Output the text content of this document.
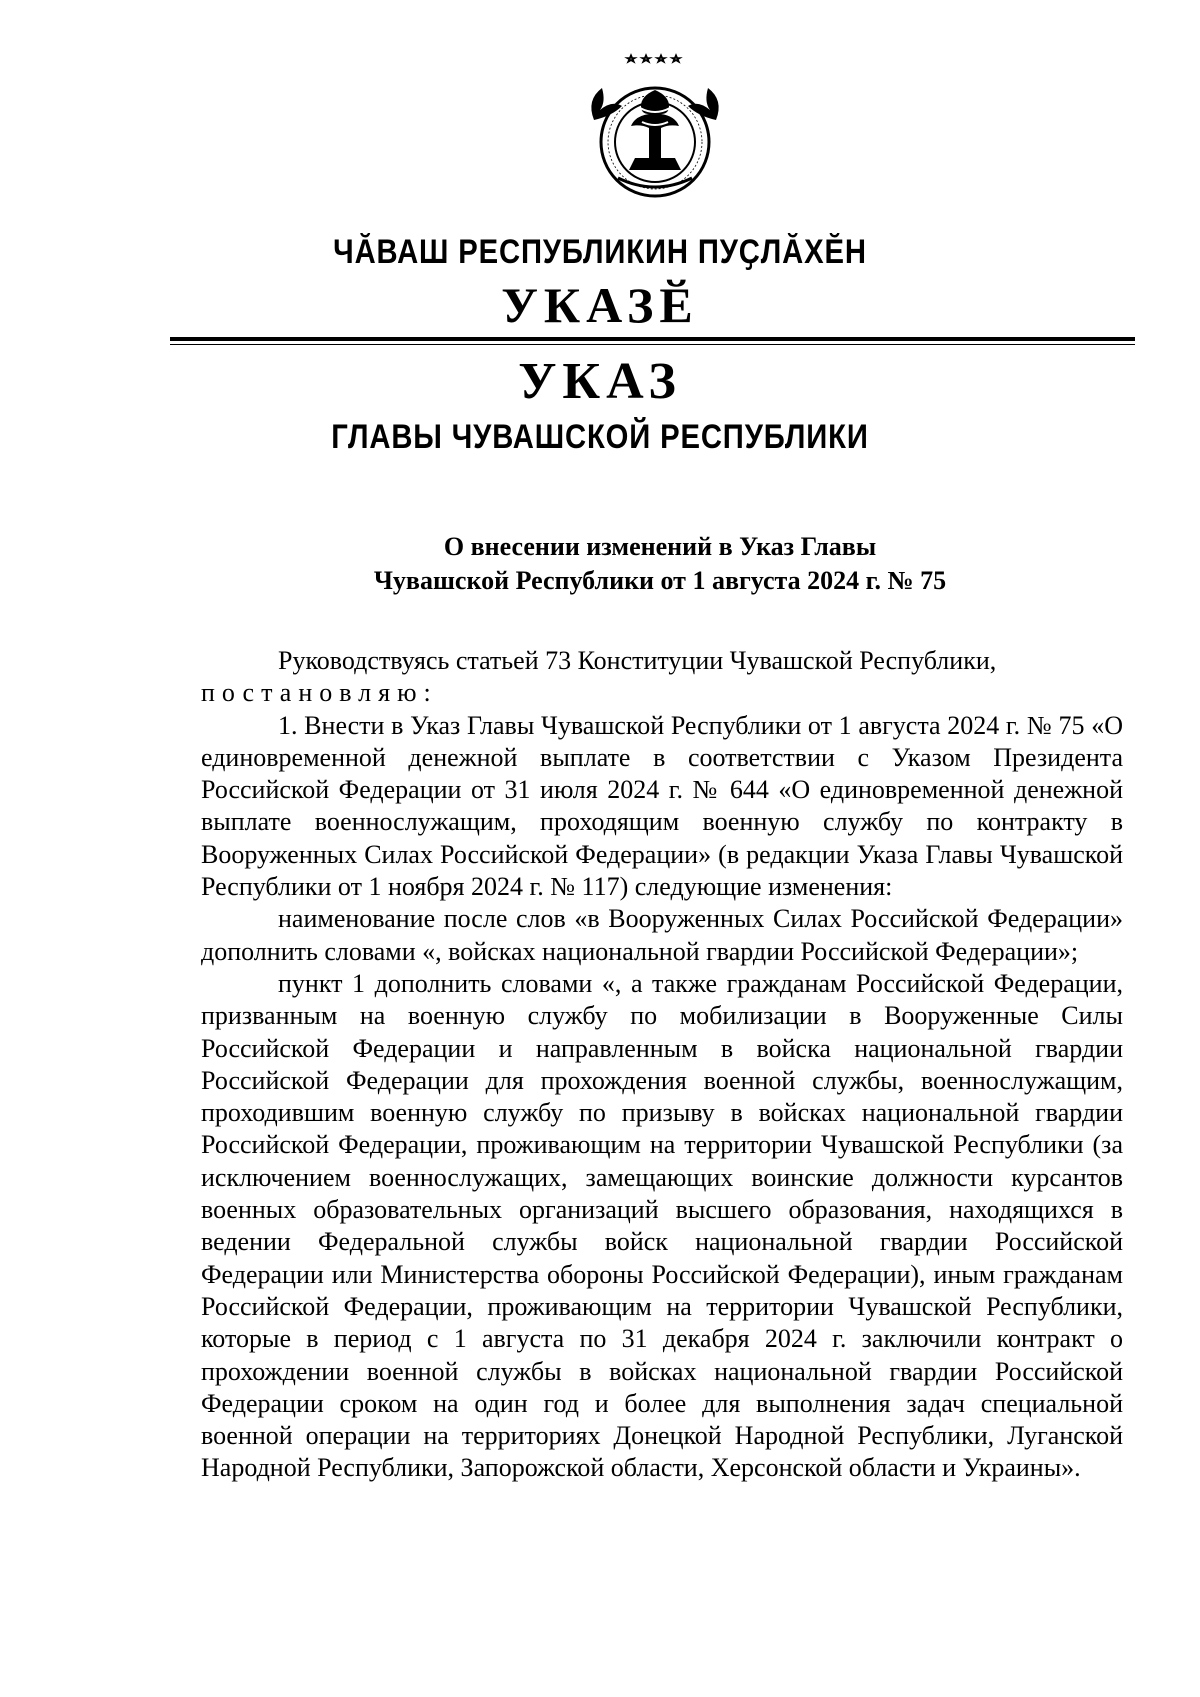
ЧӐВАШ РЕСПУБЛИКИН ПУҪЛӐХӖН
УКАЗӖ
УКАЗ
ГЛАВЫ ЧУВАШСКОЙ РЕСПУБЛИКИ
О внесении изменений в Указ Главы
Чувашской Республики от 1 августа 2024 г. № 75

Руководствуясь статьей 73 Конституции Чувашской Республики,

постановляю:

1. Внести в Указ Главы Чувашской Республики от 1 августа 2024 г. № 75 «О единовременной денежной выплате в соответствии с Указом Президента Российской Федерации от 31 июля 2024 г. № 644 «О единовременной денежной выплате военнослужащим, проходящим военную службу по контракту в Вооруженных Силах Российской Федерации» (в редакции Указа Главы Чувашской Республики от 1 ноября 2024 г. № 117) следующие изменения:

наименование после слов «в Вооруженных Силах Российской Федерации» дополнить словами «, войсках национальной гвардии Российской Федерации»;

пункт 1 дополнить словами «, а также гражданам Российской Федерации, призванным на военную службу по мобилизации в Вооруженные Силы Российской Федерации и направленным в войска национальной гвардии Российской Федерации для прохождения военной службы, военнослужащим, проходившим военную службу по призыву в войсках национальной гвардии Российской Федерации, проживающим на территории Чувашской Республики (за исключением военнослужащих, замещающих воинские должности курсантов военных образовательных организаций высшего образования, находящихся в ведении Федеральной службы войск национальной гвардии Российской Федерации или Министерства обороны Российской Федерации), иным гражданам Российской Федерации, проживающим на территории Чувашской Республики, которые в период с 1 августа по 31 декабря 2024 г. заключили контракт о прохождении военной службы в войсках национальной гвардии Российской Федерации сроком на один год и более для выполнения задач специальной военной операции на территориях Донецкой Народной Республики, Луганской Народной Республики, Запорожской области, Херсонской области и Украины».
